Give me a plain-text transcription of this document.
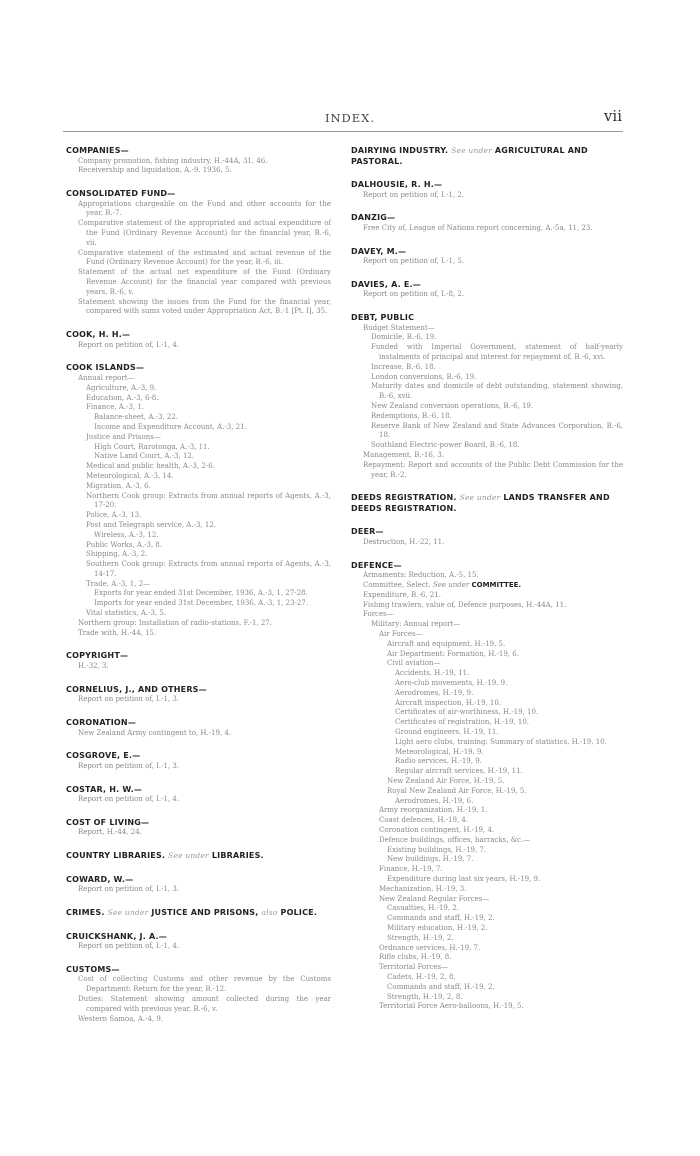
INDEX.	vii
COMPANIES—
Company promotion, fishing industry, H.-44A, 31, 46.
Receivership and liquidation, A.-9, 1936, 5.
CONSOLIDATED FUND—
Appropriations chargeable on the Fund and other accounts for the year, B.-7.
Comparative statement of the appropriated and actual expenditure of the Fund (Ordinary Revenue Account) for the financial year, B.-6, vii.
Comparative statement of the estimated and actual revenue of the Fund (Ordinary Revenue Account) for the year, B.-6, iii.
Statement of the actual net expenditure of the Fund (Ordinary Revenue Account) for the financial year compared with previous years, B.-6, v.
Statement showing the issues from the Fund for the financial year, compared with sums voted under Appropriation Act, B.-1 [Pt. I], 35.
COOK, H. H.—
Report on petition of, I.-1, 4.
COOK ISLANDS—
Annual report—
Agriculture, A.-3, 9.
Education, A.-3, 6-8.
Finance, A.-3, 1.
Balance-sheet, A.-3, 22.
Income and Expenditure Account, A.-3, 21.
Justice and Prisons—
High Court, Rarotonga, A.-3, 11.
Native Land Court, A.-3, 12.
Medical and public health, A.-3, 2-6.
Meteorological, A.-3, 14.
Migration, A.-3, 6.
Northern Cook group: Extracts from annual reports of Agents, A.-3, 17-20.
Police, A.-3, 13.
Post and Telegraph service, A.-3, 12.
Wireless, A.-3, 12.
Public Works, A.-3, 8.
Shipping, A.-3, 2.
Southern Cook group: Extracts from annual reports of Agents, A.-3, 14-17.
Trade, A.-3, 1, 2—
Exports for year ended 31st December, 1936, A.-3, 1, 27-28.
Imports for year ended 31st December, 1936, A.-3, 1, 23-27.
Vital statistics, A.-3, 5.
Northern group: Installation of radio-stations, F.-1, 27.
Trade with, H.-44, 15.
COPYRIGHT—
H.-32, 3.
CORNELIUS, J., AND OTHERS—
Report on petition of, I.-1, 3.
CORONATION—
New Zealand Army contingent to, H.-19, 4.
COSGROVE, E.—
Report on petition of, I.-1, 3.
COSTAR, H. W.—
Report on petition of, I.-1, 4.
COST OF LIVING—
Report, H.-44, 24.
COUNTRY LIBRARIES. See under LIBRARIES.
COWARD, W.—
Report on petition of, I.-1, 3.
CRIMES. See under JUSTICE AND PRISONS, also POLICE.
CRUICKSHANK, J. A.—
Report on petition of, I.-1, 4.
CUSTOMS—
Cost of collecting Customs and other revenue by the Customs Department: Return for the year, B.-12.
Duties: Statement showing amount collected during the year compared with previous year, B.-6, v.
Western Samoa, A.-4, 9.
DAIRYING INDUSTRY. See under AGRICULTURAL AND PASTORAL.
DALHOUSIE, R. H.—
Report on petition of, I.-1, 2.
DANZIG—
Free City of, League of Nations report concerning, A.-5a, 11, 23.
DAVEY, M.—
Report on petition of, I.-1, 5.
DAVIES, A. E.—
Report on petition of, I.-8, 2.
DEBT, PUBLIC
Budget Statement—
Domicile, B.-6, 19.
Funded with Imperial Government, statement of half-yearly instalments of principal and interest for repayment of, B.-6, xvi.
Increase, B.-6, 18.
London conversions, B.-6, 19.
Maturity dates and domicile of debt outstanding, statement showing, B.-6, xvii.
New Zealand conversion operations, B.-6, 19.
Redemptions, B.-6, 18.
Reserve Bank of New Zealand and State Advances Corporation, B.-6, 18.
Southland Electric-power Board, B.-6, 18.
Management, B.-16, 3.
Repayment: Report and accounts of the Public Debt Commission for the year, B.-2.
DEEDS REGISTRATION. See under LANDS TRANSFER AND DEEDS REGISTRATION.
DEER—
Destruction, H.-22, 11.
DEFENCE—
Armaments: Reduction, A.-5, 15.
Committee, Select. See under COMMITTEE.
Expenditure, B.-6, 21.
Fishing trawlers, value of, Defence purposes, H.-44A, 11.
Forces—
Military: Annual report—
Air Forces—
Aircraft and equipment, H.-19, 5.
Air Department: Formation, H.-19, 6.
Civil aviation—
Accidents, H.-19, 11.
Aero-club movements, H.-19, 9.
Aerodromes, H.-19, 9.
Aircraft inspection, H.-19, 10.
Certificates of air-worthiness, H.-19, 10.
Certificates of registration, H.-19, 10.
Ground engineers, H.-19, 11.
Light aero clubs, training: Summary of statistics, H.-19, 10.
Meteorological, H.-19, 9.
Radio services, H.-19, 9.
Regular aircraft services, H.-19, 11.
New Zealand Air Force, H.-19, 5.
Royal New Zealand Air Force, H.-19, 5.
Aerodromes, H.-19, 6.
Army reorganization, H.-19, 1.
Coast defences, H.-19, 4.
Coronation contingent, H.-19, 4.
Defence buildings, offices, barracks, &c.—
Existing buildings, H.-19, 7.
New buildings, H.-19, 7.
Finance, H.-19, 7.
Expenditure during last six years, H.-19, 9.
Mechanization, H.-19, 3.
New Zealand Regular Forces—
Casualties, H.-19, 2.
Commands and staff, H.-19, 2.
Military education, H.-19, 2.
Strength, H.-19, 2.
Ordnance services, H.-19, 7.
Rifle clubs, H.-19, 8.
Territorial Forces—
Cadets, H.-19, 2, 8.
Commands and staff, H.-19, 2.
Strength, H.-19, 2, 8.
Territorial Force Aero-balloons, H.-19, 5.
